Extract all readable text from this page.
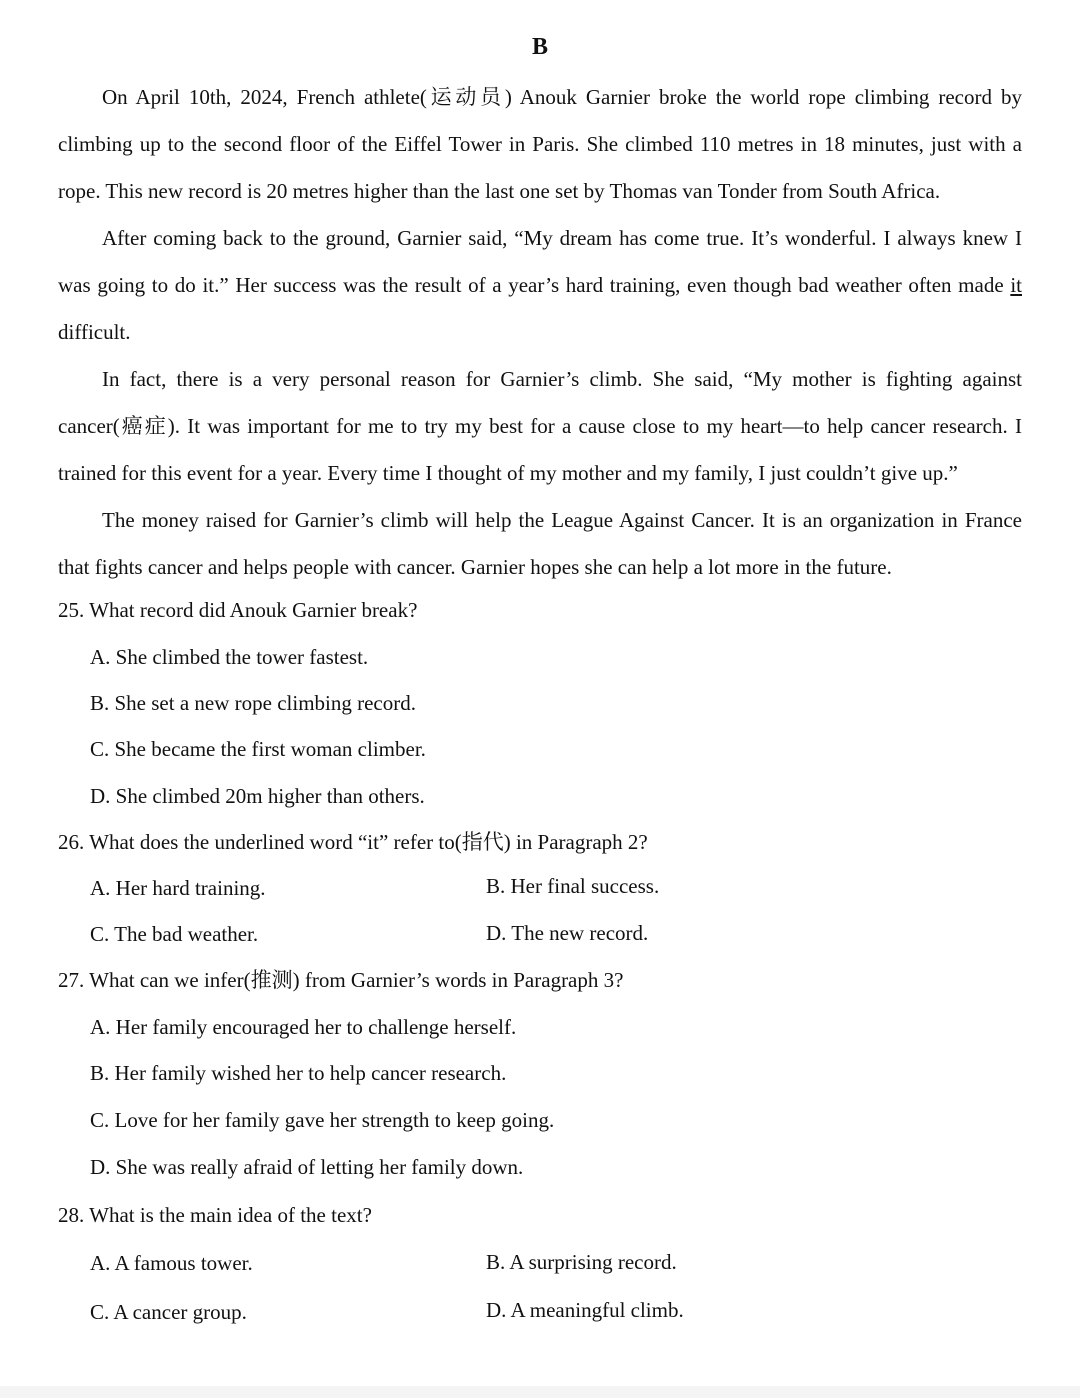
B

On April 10th, 2024, French athlete(运动员) Anouk Garnier broke the world rope climbing record by climbing up to the second floor of the Eiffel Tower in Paris. She climbed 110 metres in 18 minutes, just with a rope. This new record is 20 metres higher than the last one set by Thomas van Tonder from South Africa.

After coming back to the ground, Garnier said, “My dream has come true. It’s wonderful. I always knew I was going to do it.” Her success was the result of a year’s hard training, even though bad weather often made it difficult.

In fact, there is a very personal reason for Garnier’s climb. She said, “My mother is fighting against cancer(癌症). It was important for me to try my best for a cause close to my heart—to help cancer research. I trained for this event for a year. Every time I thought of my mother and my family, I just couldn’t give up.”

The money raised for Garnier’s climb will help the League Against Cancer. It is an organization in France that fights cancer and helps people with cancer. Garnier hopes she can help a lot more in the future.

25. What record did Anouk Garnier break?
A. She climbed the tower fastest.
B. She set a new rope climbing record.
C. She became the first woman climber.
D. She climbed 20m higher than others.
26. What does the underlined word “it” refer to(指代) in Paragraph 2?
A. Her hard training.	B. Her final success.
C. The bad weather.	D. The new record.
27. What can we infer(推测) from Garnier’s words in Paragraph 3?
A. Her family encouraged her to challenge herself.
B. Her family wished her to help cancer research.
C. Love for her family gave her strength to keep going.
D. She was really afraid of letting her family down.
28. What is the main idea of the text?
A. A famous tower.	B. A surprising record.
C. A cancer group.	D. A meaningful climb.
